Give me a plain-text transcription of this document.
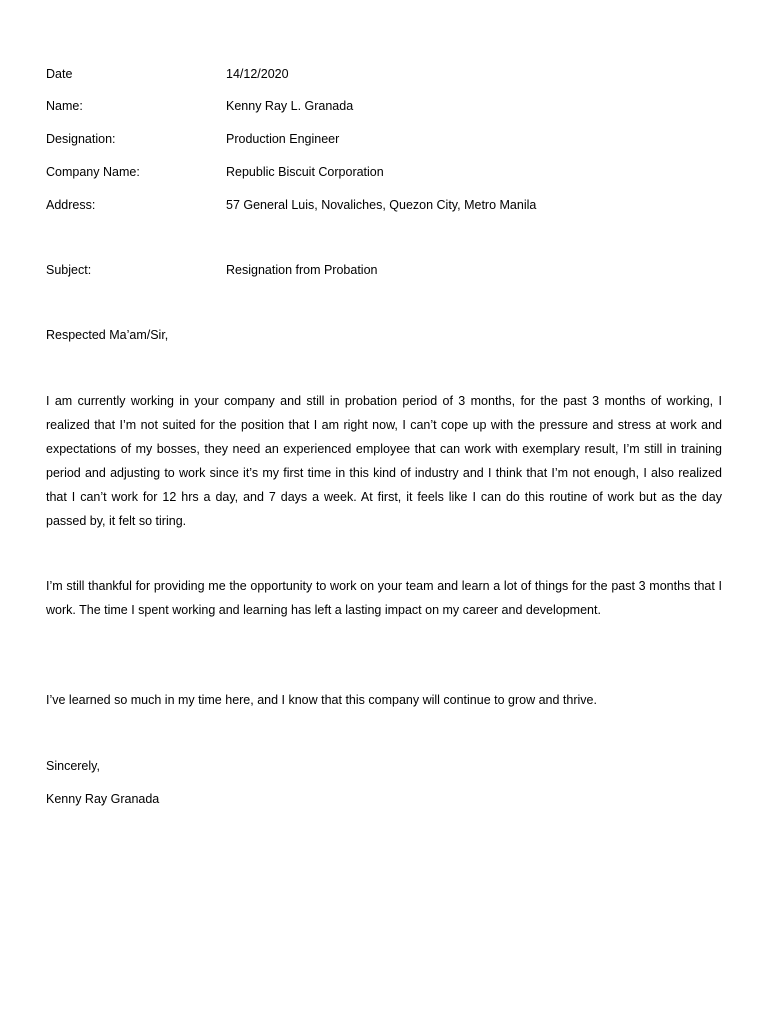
Date	14/12/2020
Name:	Kenny Ray L. Granada
Designation:	Production Engineer
Company Name:	Republic Biscuit Corporation
Address:	57 General Luis, Novaliches, Quezon City, Metro Manila
Subject:	Resignation from Probation
Respected Ma’am/Sir,
I am currently working in your company and still in probation period of 3 months, for the past 3 months of working, I realized that I’m not suited for the position that I am right now, I can’t cope up with the pressure and stress at work and expectations of my bosses, they need an experienced employee that can work with exemplary result, I’m still in training period and adjusting to work since it’s my first time in this kind of industry and I think that I’m not enough, I also realized that I can’t work for 12 hrs a day, and 7 days a week. At first, it feels like I can do this routine of work but as the day passed by, it felt so tiring.
I’m still thankful for providing me the opportunity to work on your team and learn a lot of things for the past 3 months that I work. The time I spent working and learning has left a lasting impact on my career and development.
I’ve learned so much in my time here, and I know that this company will continue to grow and thrive.
Sincerely,
Kenny Ray Granada
